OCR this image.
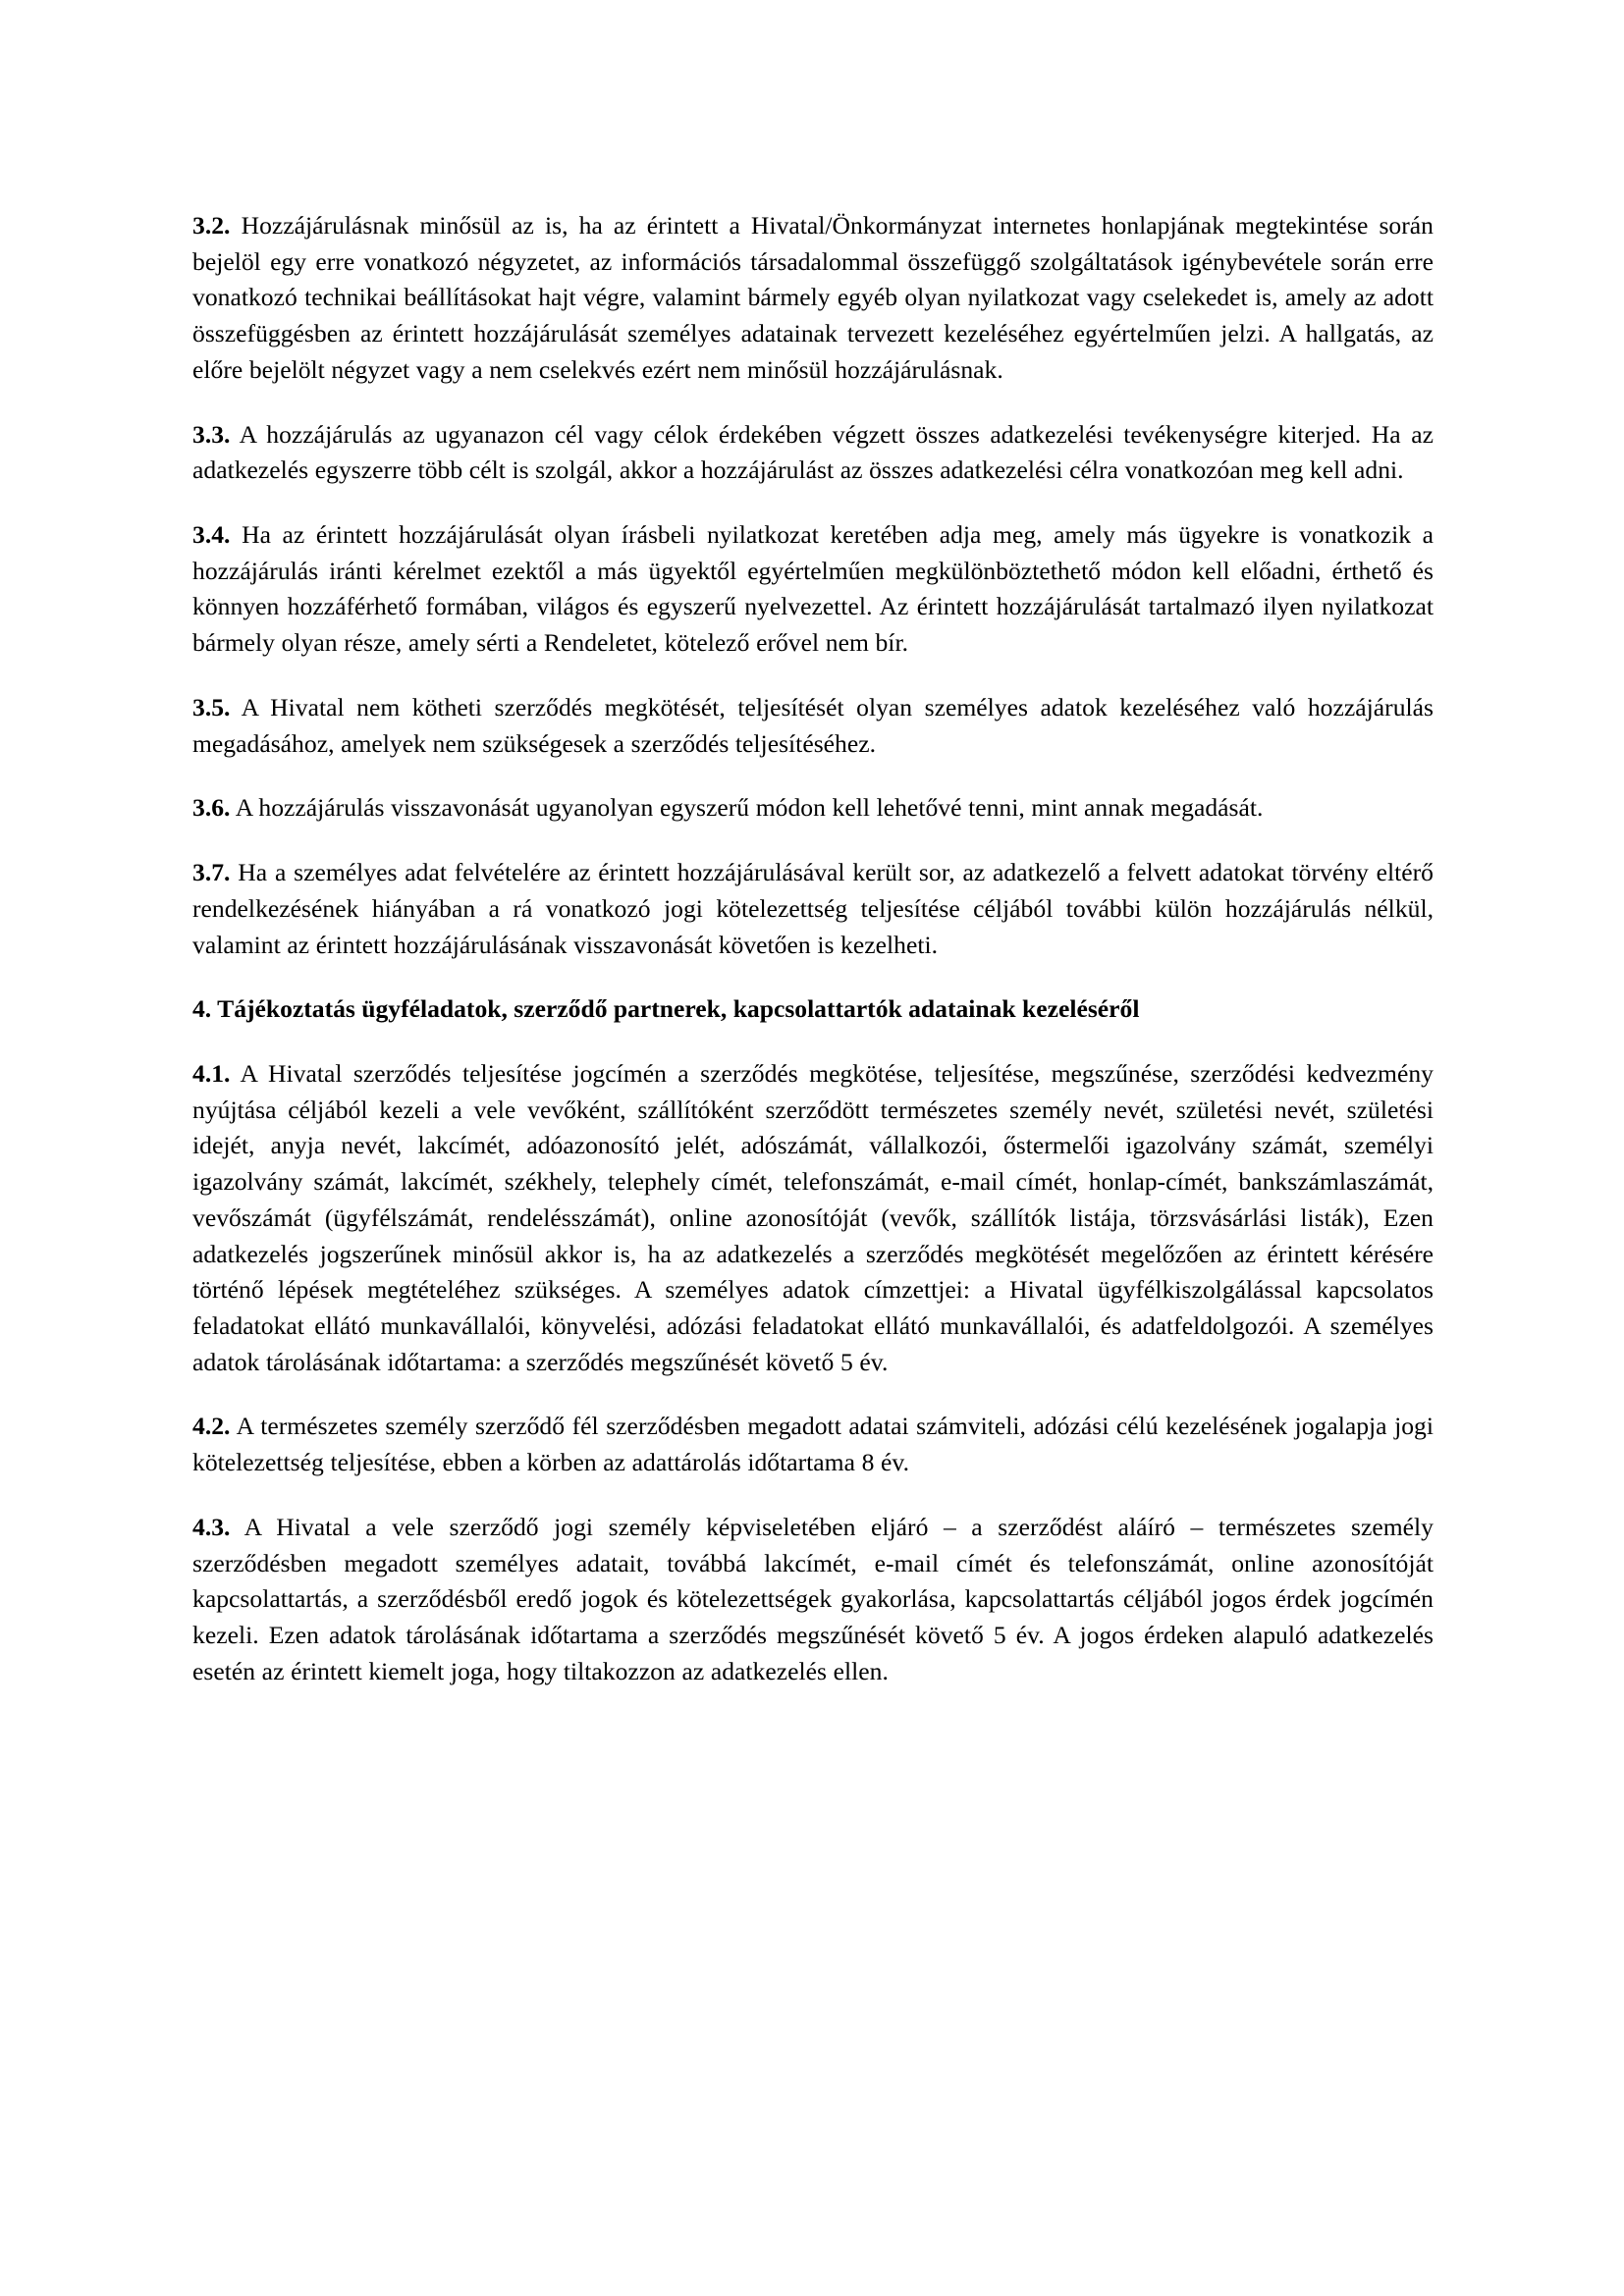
3.2. Hozzájárulásnak minősül az is, ha az érintett a Hivatal/Önkormányzat internetes honlapjának megtekintése során bejelöl egy erre vonatkozó négyzetet, az információs társadalommal összefüggő szolgáltatások igénybevétele során erre vonatkozó technikai beállításokat hajt végre, valamint bármely egyéb olyan nyilatkozat vagy cselekedet is, amely az adott összefüggésben az érintett hozzájárulását személyes adatainak tervezett kezeléséhez egyértelműen jelzi. A hallgatás, az előre bejelölt négyzet vagy a nem cselekvés ezért nem minősül hozzájárulásnak.

3.3. A hozzájárulás az ugyanazon cél vagy célok érdekében végzett összes adatkezelési tevékenységre kiterjed. Ha az adatkezelés egyszerre több célt is szolgál, akkor a hozzájárulást az összes adatkezelési célra vonatkozóan meg kell adni.

3.4. Ha az érintett hozzájárulását olyan írásbeli nyilatkozat keretében adja meg, amely más ügyekre is vonatkozik a hozzájárulás iránti kérelmet ezektől a más ügyektől egyértelműen megkülönböztethető módon kell előadni, érthető és könnyen hozzáférhető formában, világos és egyszerű nyelvezettel. Az érintett hozzájárulását tartalmazó ilyen nyilatkozat bármely olyan része, amely sérti a Rendeletet, kötelező erővel nem bír.

3.5. A Hivatal nem kötheti szerződés megkötését, teljesítését olyan személyes adatok kezeléséhez való hozzájárulás megadásához, amelyek nem szükségesek a szerződés teljesítéséhez.

3.6. A hozzájárulás visszavonását ugyanolyan egyszerű módon kell lehetővé tenni, mint annak megadását.

3.7. Ha a személyes adat felvételére az érintett hozzájárulásával került sor, az adatkezelő a felvett adatokat törvény eltérő rendelkezésének hiányában a rá vonatkozó jogi kötelezettség teljesítése céljából további külön hozzájárulás nélkül, valamint az érintett hozzájárulásának visszavonását követően is kezelheti.

4. Tájékoztatás ügyféladatok, szerződő partnerek, kapcsolattartók adatainak kezeléséről

4.1. A Hivatal szerződés teljesítése jogcímén a szerződés megkötése, teljesítése, megszűnése, szerződési kedvezmény nyújtása céljából kezeli a vele vevőként, szállítóként szerződött természetes személy nevét, születési nevét, születési idejét, anyja nevét, lakcímét, adóazonosító jelét, adószámát, vállalkozói, őstermelői igazolvány számát, személyi igazolvány számát, lakcímét, székhely, telephely címét, telefonszámát, e-mail címét, honlap-címét, bankszámlaszámát, vevőszámát (ügyfélszámát, rendelésszámát), online azonosítóját (vevők, szállítók listája, törzsvásárlási listák), Ezen adatkezelés jogszerűnek minősül akkor is, ha az adatkezelés a szerződés megkötését megelőzően az érintett kérésére történő lépések megtételéhez szükséges. A személyes adatok címzettjei: a Hivatal ügyfélkiszolgálással kapcsolatos feladatokat ellátó munkavállalói, könyvelési, adózási feladatokat ellátó munkavállalói, és adatfeldolgozói. A személyes adatok tárolásának időtartama: a szerződés megszűnését követő 5 év.

4.2. A természetes személy szerződő fél szerződésben megadott adatai számviteli, adózási célú kezelésének jogalapja jogi kötelezettség teljesítése, ebben a körben az adattárolás időtartama 8 év.

4.3. A Hivatal a vele szerződő jogi személy képviseletében eljáró – a szerződést aláíró – természetes személy szerződésben megadott személyes adatait, továbbá lakcímét, e-mail címét és telefonszámát, online azonosítóját kapcsolattartás, a szerződésből eredő jogok és kötelezettségek gyakorlása, kapcsolattartás céljából jogos érdek jogcímén kezeli. Ezen adatok tárolásának időtartama a szerződés megszűnését követő 5 év. A jogos érdeken alapuló adatkezelés esetén az érintett kiemelt joga, hogy tiltakozzon az adatkezelés ellen.
